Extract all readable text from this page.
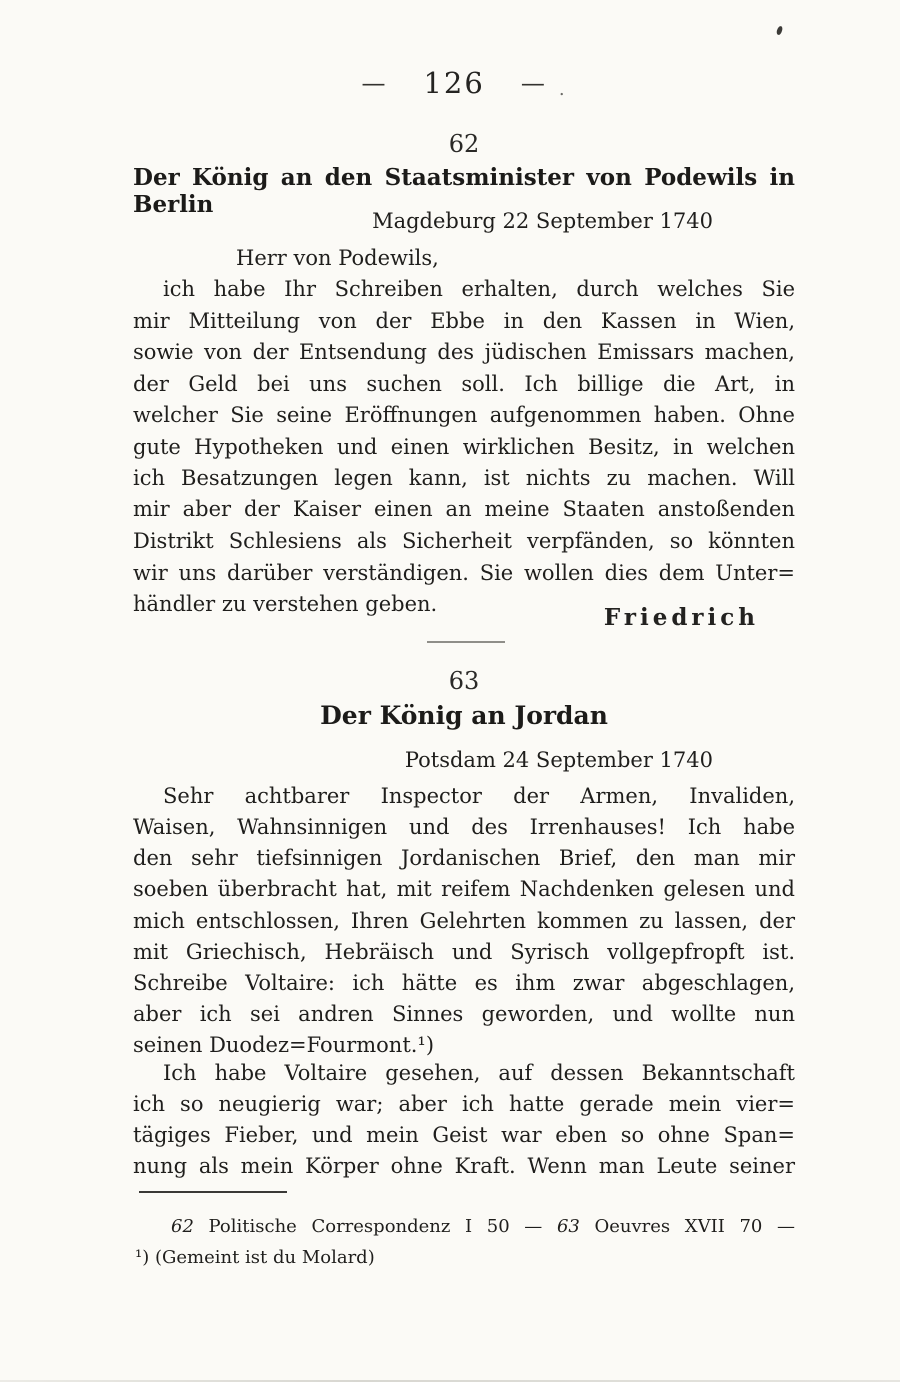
— 126 — .
62
Der König an den Staatsminister von Podewils in Berlin
Magdeburg 22 September 1740
Herr von Podewils,
ich habe Ihr Schreiben erhalten, durch welches Sie
mir Mitteilung von der Ebbe in den Kassen in Wien,
sowie von der Entsendung des jüdischen Emissars machen,
der Geld bei uns suchen soll. Ich billige die Art, in
welcher Sie seine Eröffnungen aufgenommen haben. Ohne
gute Hypotheken und einen wirklichen Besitz, in welchen
ich Besatzungen legen kann, ist nichts zu machen. Will
mir aber der Kaiser einen an meine Staaten anstoßenden
Distrikt Schlesiens als Sicherheit verpfänden, so könnten
wir uns darüber verständigen. Sie wollen dies dem Unter=
händler zu verstehen geben.	Friedrich
63
Der König an Jordan
Potsdam 24 September 1740
Sehr achtbarer Inspector der Armen, Invaliden,
Waisen, Wahnsinnigen und des Irrenhauses! Ich habe
den sehr tiefsinnigen Jordanischen Brief, den man mir
soeben überbracht hat, mit reifem Nachdenken gelesen und
mich entschlossen, Ihren Gelehrten kommen zu lassen, der
mit Griechisch, Hebräisch und Syrisch vollgepfropft ist.
Schreibe Voltaire: ich hätte es ihm zwar abgeschlagen,
aber ich sei andren Sinnes geworden, und wollte nun
seinen Duodez=Fourmont.¹)
Ich habe Voltaire gesehen, auf dessen Bekanntschaft
ich so neugierig war; aber ich hatte gerade mein vier=
tägiges Fieber, und mein Geist war eben so ohne Span=
nung als mein Körper ohne Kraft. Wenn man Leute seiner
62 Politische Correspondenz I 50 — 63 Oeuvres XVII 70 —
¹) (Gemeint ist du Molard)
